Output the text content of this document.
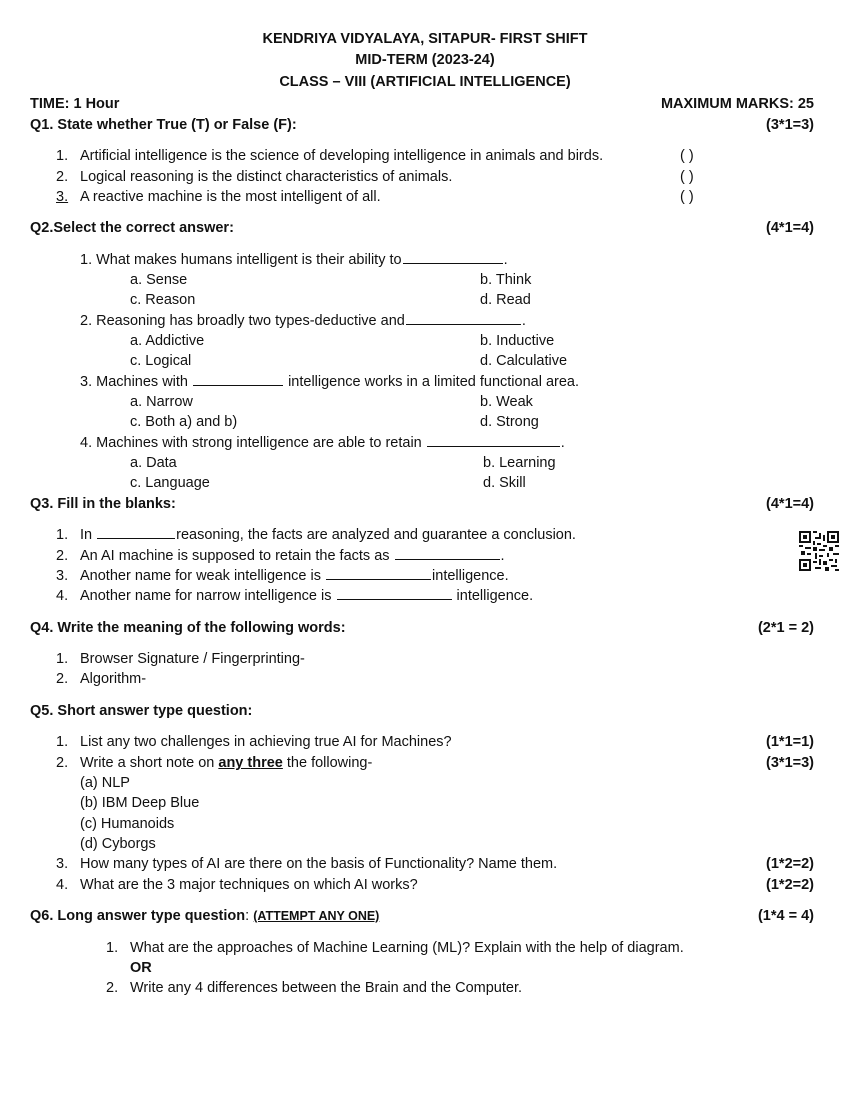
KENDRIYA VIDYALAYA, SITAPUR- FIRST SHIFT
MID-TERM (2023-24)
CLASS – VIII (ARTIFICIAL INTELLIGENCE)
TIME: 1 Hour	MAXIMUM MARKS: 25
Q1. State whether True (T) or False (F):	(3*1=3)
1. Artificial intelligence is the science of developing intelligence in animals and birds.	( )
2. Logical reasoning is the distinct characteristics of animals.	( )
3. A reactive machine is the most intelligent of all.	( )
Q2.Select the correct answer:	(4*1=4)
1. What makes humans intelligent is their ability to	.
a. Sense	b. Think
c. Reason	d. Read
2. Reasoning has broadly two types-deductive and	.
a. Addictive	b. Inductive
c. Logical	d. Calculative
3. Machines with	intelligence works in a limited functional area.
a. Narrow	b. Weak
c. Both a) and b)	d. Strong
4. Machines with strong intelligence are able to retain	.
a. Data	b. Learning
c. Language	d. Skill
Q3. Fill in the blanks:	(4*1=4)
1. In	reasoning, the facts are analyzed and guarantee a conclusion.
2. An AI machine is supposed to retain the facts as	.
3. Another name for weak intelligence is	intelligence.
4. Another name for narrow intelligence is	intelligence.
Q4. Write the meaning of the following words:	(2*1 = 2)
1. Browser Signature / Fingerprinting-
2. Algorithm-
Q5. Short answer type question:
1. List any two challenges in achieving true AI for Machines?	(1*1=1)
2. Write a short note on any three the following-	(3*1=3)
(a) NLP
(b) IBM Deep Blue
(c) Humanoids
(d) Cyborgs
3. How many types of AI are there on the basis of Functionality? Name them.	(1*2=2)
4. What are the 3 major techniques on which AI works?	(1*2=2)
Q6. Long answer type question: (ATTEMPT ANY ONE)	(1*4 = 4)
1. What are the approaches of Machine Learning (ML)? Explain with the help of diagram.
OR
2. Write any 4 differences between the Brain and the Computer.
